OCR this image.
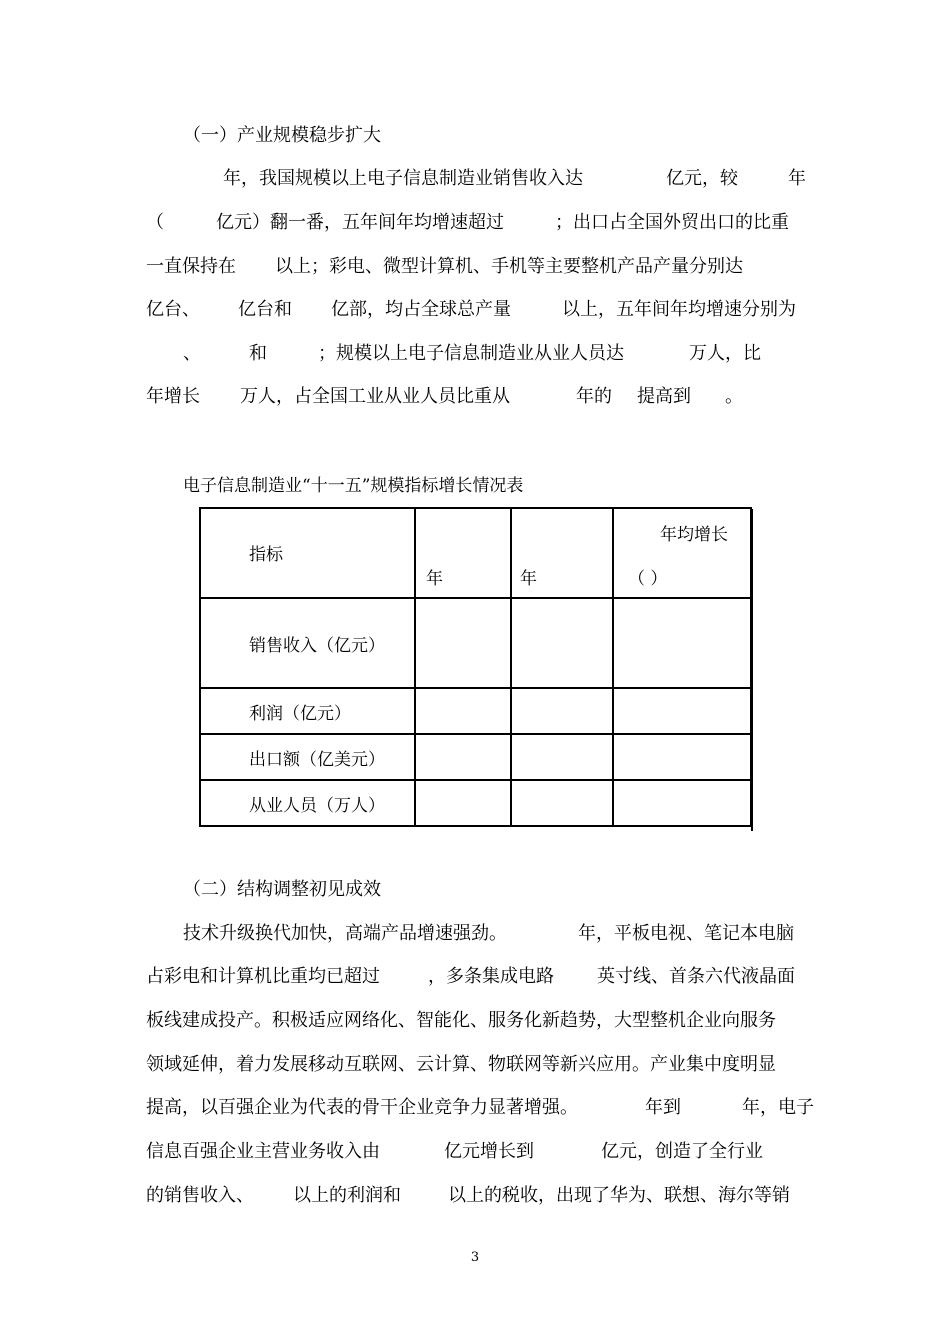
（一）产业规模稳步扩大
年，我国规模以上电子信息制造业销售收入达	亿元，较	年
（	亿元）翻一番，五年间年均增速超过	；出口占全国外贸出口的比重
一直保持在 以上；彩电、微型计算机、手机等主要整机产品产量分别达
亿台、 亿台和 亿部，均占全球总产量	以上，五年间年均增速分别为
、	和	；规模以上电子信息制造业从业人员达	万人，比
年增长 万人，占全国工业从业人员比重从	年的 提高到 。
电子信息制造业“十一五”规模指标增长情况表
指标	年	年	年均增长
（ ）

销售收入（亿元）			

利润（亿元）			

出口额（亿美元）			

从业人员（万人）			

（二）结构调整初见成效
技术升级换代加快，高端产品增速强劲。	年，平板电视、笔记本电脑
占彩电和计算机比重均已超过	，多条集成电路 英寸线、首条六代液晶面
板线建成投产。积极适应网络化、智能化、服务化新趋势，大型整机企业向服务
领域延伸，着力发展移动互联网、云计算、物联网等新兴应用。产业集中度明显
提高，以百强企业为代表的骨干企业竞争力显著增强。	年到	年，电子
信息百强企业主营业务收入由	亿元增长到	亿元，创造了全行业
的销售收入、 以上的利润和	以上的税收，出现了华为、联想、海尔等销
3
